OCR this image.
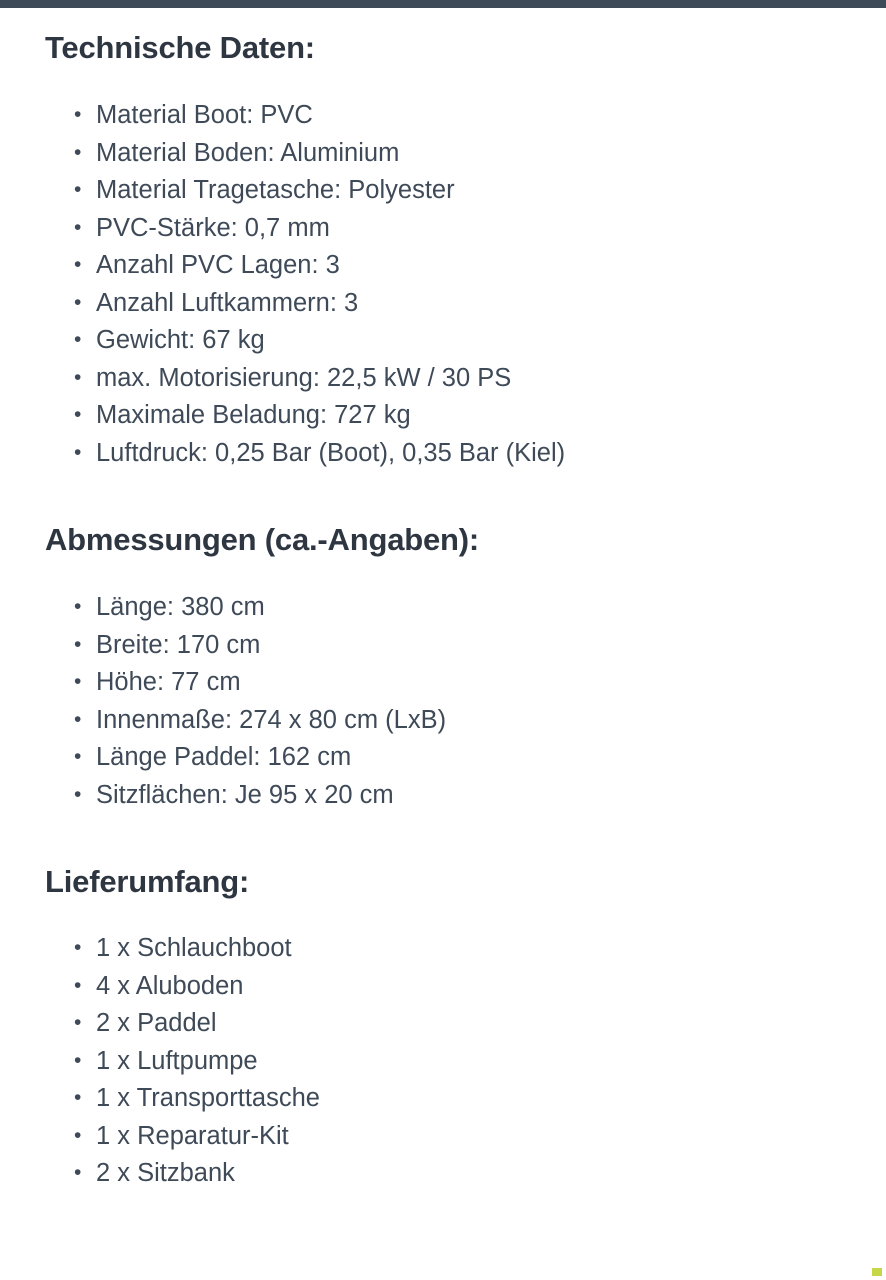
Technische Daten:
• Material Boot: PVC
• Material Boden: Aluminium
• Material Tragetasche: Polyester
• PVC-Stärke: 0,7 mm
• Anzahl PVC Lagen: 3
• Anzahl Luftkammern: 3
• Gewicht: 67 kg
• max. Motorisierung: 22,5 kW / 30 PS
• Maximale Beladung: 727 kg
• Luftdruck: 0,25 Bar (Boot), 0,35 Bar (Kiel)
Abmessungen (ca.-Angaben):
• Länge: 380 cm
• Breite: 170 cm
• Höhe: 77 cm
• Innenmaße: 274 x 80 cm (LxB)
• Länge Paddel: 162 cm
• Sitzflächen: Je 95 x 20 cm
Lieferumfang:
• 1 x Schlauchboot
• 4 x Aluboden
• 2 x Paddel
• 1 x Luftpumpe
• 1 x Transporttasche
• 1 x Reparatur-Kit
• 2 x Sitzbank
